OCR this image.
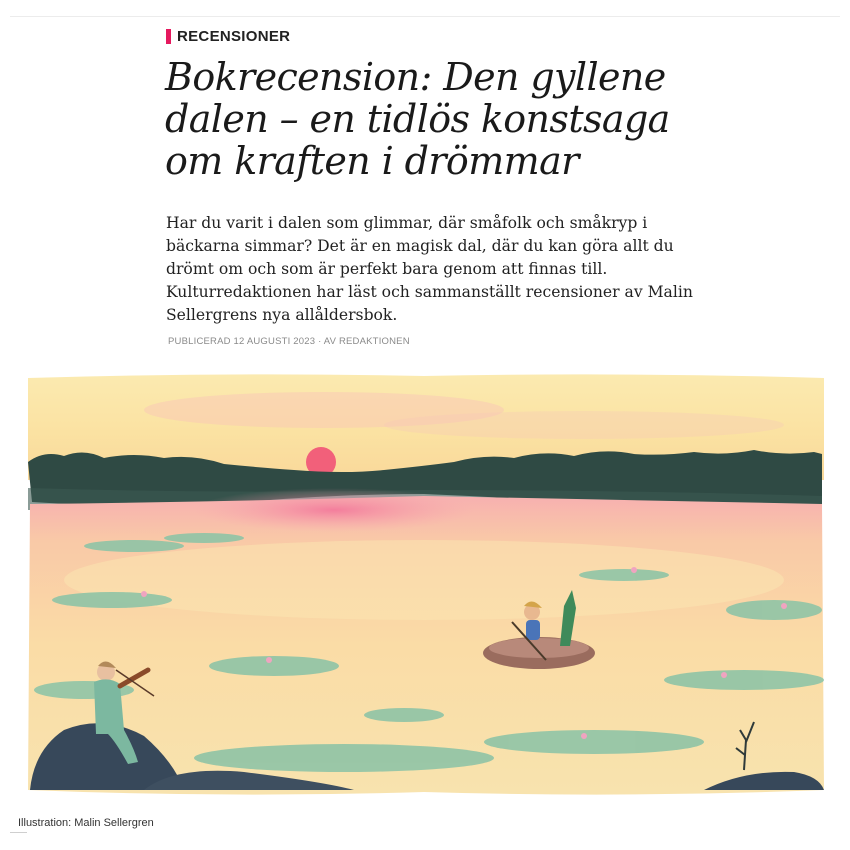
RECENSIONER
Bokrecension: Den gyllene dalen – en tidlös konstsaga om kraften i drömmar

Har du varit i dalen som glimmar, där småfolk och småkryp i bäckarna simmar? Det är en magisk dal, där du kan göra allt du drömt om och som är perfekt bara genom att finnas till. Kulturredaktionen har läst och sammanställt recensioner av Malin Sellergrens nya allåldersbok.

PUBLICERAD 12 AUGUSTI 2023 · AV REDAKTIONEN
Illustration: Malin Sellergren
